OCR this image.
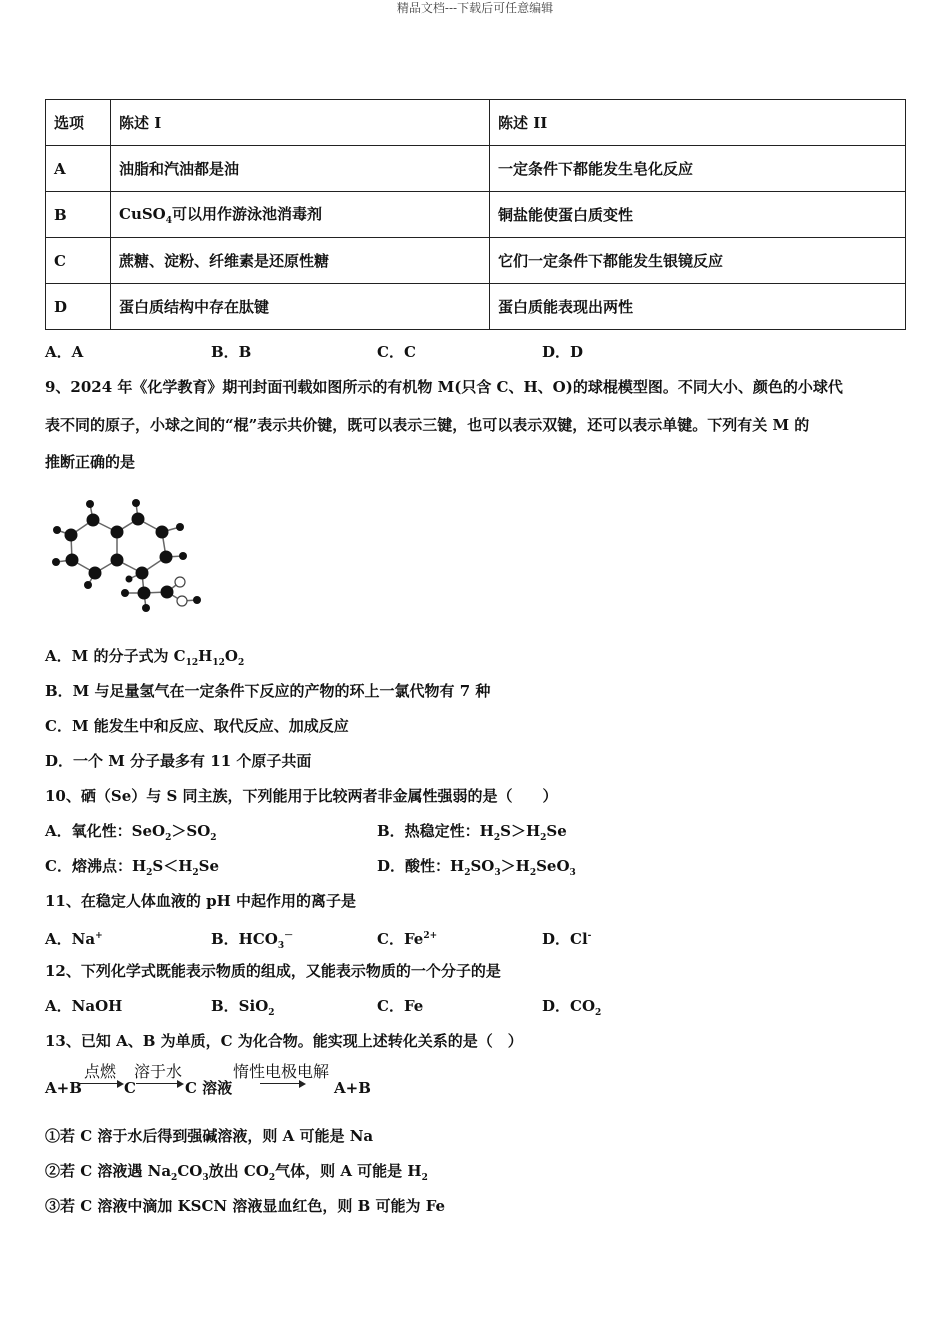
精品文档---下载后可任意编辑
选项	陈述 I	陈述 II
A	油脂和汽油都是油	一定条件下都能发生皂化反应
B	CuSO$_4$可以用作游泳池消毒剂	铜盐能使蛋白质变性
C	蔗糖、淀粉、纤维素是还原性糖	它们一定条件下都能发生银镜反应
D	蛋白质结构中存在肽键	蛋白质能表现出两性
A．A	B．B	C．C	D．D
9、2024 年《化学教育》期刊封面刊载如图所示的有机物 M(只含 C、H、O)的球棍模型图。不同大小、颜色的小球代
表不同的原子，小球之间的“棍”表示共价键，既可以表示三键，也可以表示双键，还可以表示单键。下列有关 M 的
推断正确的是
A．M 的分子式为 $C_{12}H_{12}O_2$
B．M 与足量氢气在一定条件下反应的产物的环上一氯代物有 7 种
C．M 能发生中和反应、取代反应、加成反应
D．一个 M 分子最多有 11 个原子共面
10、硒（Se）与 S 同主族，下列能用于比较两者非金属性强弱的是（　　）
A．氧化性：$SeO_2>SO_2$	B．热稳定性：$H_2S>H_2Se$
C．熔沸点：$H_2S<H_2Se$	D．酸性：$H_2SO_3>H_2SeO_3$
11、在稳定人体血液的 pH 中起作用的离子是
A．Na+	B．$HCO_3^-$	C．$Fe^{2+}$	D．Cl-
12、下列化学式既能表示物质的组成，又能表示物质的一个分子的是
A．NaOH	B．SiO$_2$	C．Fe	D．$CO_2$
13、已知 A、B 为单质，C 为化合物。能实现上述转化关系的是（　）
A+B
点燃
C
溶于水
C 溶液
惰性电极电解
A+B
①若 C 溶于水后得到强碱溶液，则 A 可能是 Na
②若 C 溶液遇 $Na_2CO_3$放出 $CO_2$气体，则 A 可能是 $H_2$
③若 C 溶液中滴加 KSCN 溶液显血红色，则 B 可能为 Fe
